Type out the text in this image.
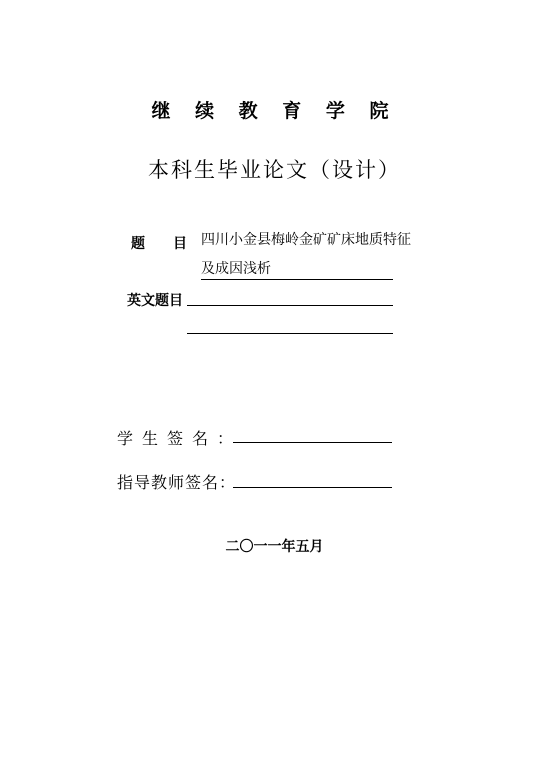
继 续 教 育 学 院
本科生毕业论文（设计）
题 目 四川小金县梅岭金矿矿床地质特征
及成因浅析
英文题目
学生签名：
指导教师签名：
二〇一一年五月
